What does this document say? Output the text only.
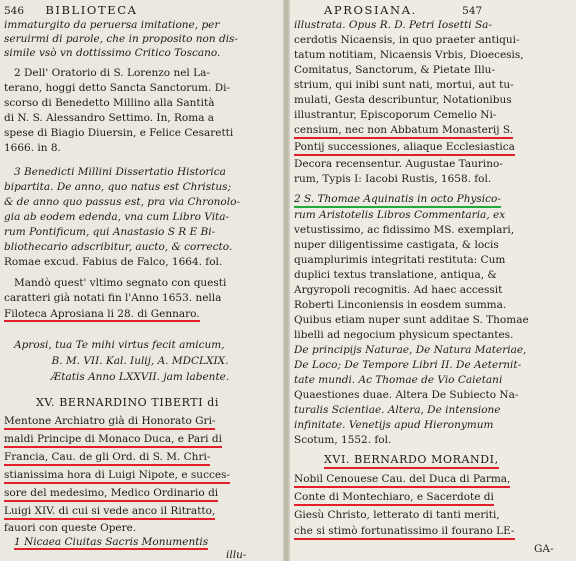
546 BIBLIOTECA
immaturgito da peruersa imitatione, per
seruirmi di parole, che in proposito non dis-
simile vsò vn dottissimo Critico Toscano.
2 Dell' Oratorio di S. Lorenzo nel La-
terano, hoggi detto Sancta Sanctorum. Di-
scorso di Benedetto Millino alla Santità
di N. S. Alessandro Settimo. In, Roma a
spese di Biagio Diuersin, e Felice Cesaretti
1666. in 8.
3 Benedicti Millini Dissertatio Historica
bipartita. De anno, quo natus est Christus;
& de anno quo passus est, pra via Chronolo-
gia ab eodem edenda, vna cum Libro Vita-
rum Pontificum, qui Anastasio S R E Bi-
bliothecario adscribitur, aucto, & correcto.
Romae excud. Fabius de Falco, 1664. fol.
Mandò quest' vltimo segnato con questi
caratteri già notati fin l'Anno 1653. nella
Filoteca Aprosiana li 28. di Gennaro.
Aprosi, tua Te mihi virtus fecit amicum,
B. M. VII. Kal. Iulij, A. MDCLXIX.
Ætatis Anno LXXVII. jam labente.
XV. BERNARDINO TIBERTI di
Mentone Archiatro già di Honorato Gri-
maldi Principe di Monaco Duca, e Pari di
Francia, Cau. de gli Ord. di S. M. Chri-
stianissima hora di Luigi Nipote, e succes-
sore del medesimo, Medico Ordinario di
Luigi XIV. di cui si vede anco il Ritratto,
fauori con queste Opere.
1 Nicaea Ciuitas Sacris Monumentis
illu-
APROSIANA.	547
illustrata. Opus R. D. Petri Iosetti Sa-
cerdotis Nicaensis, in quo praeter antiqui-
tatum notitiam, Nicaensis Vrbis, Dioecesis,
Comitatus, Sanctorum, & Pietate Illu-
strium, qui inibi sunt nati, mortui, aut tu-
mulati, Gesta describuntur, Notationibus
illustrantur, Episcoporum Cemelio Ni-
censium, nec non Abbatum Monasterij S.
Pontij successiones, aliaque Ecclesiastica
Decora recensentur. Augustae Taurino-
rum, Typis I: Iacobi Rustis, 1658. fol.
2 S. Thomae Aquinatis in octo Physico-
rum Aristotelis Libros Commentaria, ex
vetustissimo, ac fidissimo MS. exemplari,
nuper diligentissime castigata, & locis
quamplurimis integritati restituta: Cum
duplici textus translatione, antiqua, &
Argyropoli recognitis. Ad haec accessit
Roberti Linconiensis in eosdem summa.
Quibus etiam nuper sunt additae S. Thomae
libelli ad negocium physicum spectantes.
De principijs Naturae, De Natura Materiae,
De Loco; De Tempore Libri II. De Aeternit-
tate mundi. Ac Thomae de Vio Caietani
Quaestiones duae. Altera De Subiecto Na-
turalis Scientiae. Altera, De intensione
infinitate. Venetijs apud Hieronymum
Scotum, 1552. fol.
XVI. BERNARDO MORANDI,
Nobil Cenouese Cau. del Duca di Parma,
Conte di Montechiaro, e Sacerdote di
Giesù Christo, letterato di tanti meriti,
che si stimò fortunatissimo il fourano LE-
GA-
